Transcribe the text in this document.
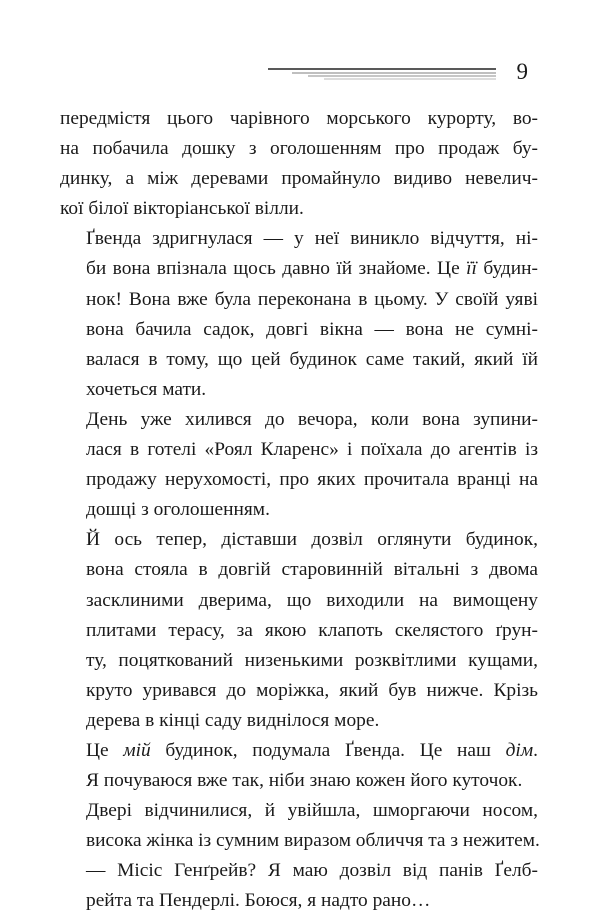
9
передмістя цього чарівного морського курорту, во-
на побачила дошку з оголошенням про продаж бу-
динку, а між деревами промайнуло видиво невелич-
кої білої вікторіанської вілли.
Ґвенда здригнулася — у неї виникло відчуття, ні-
би вона впізнала щось давно їй знайоме. Це її будин-
нок! Вона вже була переконана в цьому. У своїй уяві
вона бачила садок, довгі вікна — вона не сумні-
валася в тому, що цей будинок саме такий, який їй
хочеться мати.
День уже хилився до вечора, коли вона зупини-
лася в готелі «Роял Кларенс» і поїхала до агентів із
продажу нерухомості, про яких прочитала вранці на
дошці з оголошенням.
Й ось тепер, діставши дозвіл оглянути будинок,
вона стояла в довгій старовинній вітальні з двома
засклиними дверима, що виходили на вимощену
плитами терасу, за якою клапоть скелястого ґрун-
ту, поцяткований низенькими розквітлими кущами,
круто уривався до моріжка, який був нижче. Крізь
дерева в кінці саду виднілося море.
Це мій будинок, подумала Ґвенда. Це наш дім.
Я почуваюся вже так, ніби знаю кожен його куточок.
Двері відчинилися, й увійшла, шморгаючи носом,
висока жінка із сумним виразом обличчя та з нежитем.
— Місіс Генґрейв? Я маю дозвіл від панів Ґелб-
рейта та Пендерлі. Боюся, я надто рано…
